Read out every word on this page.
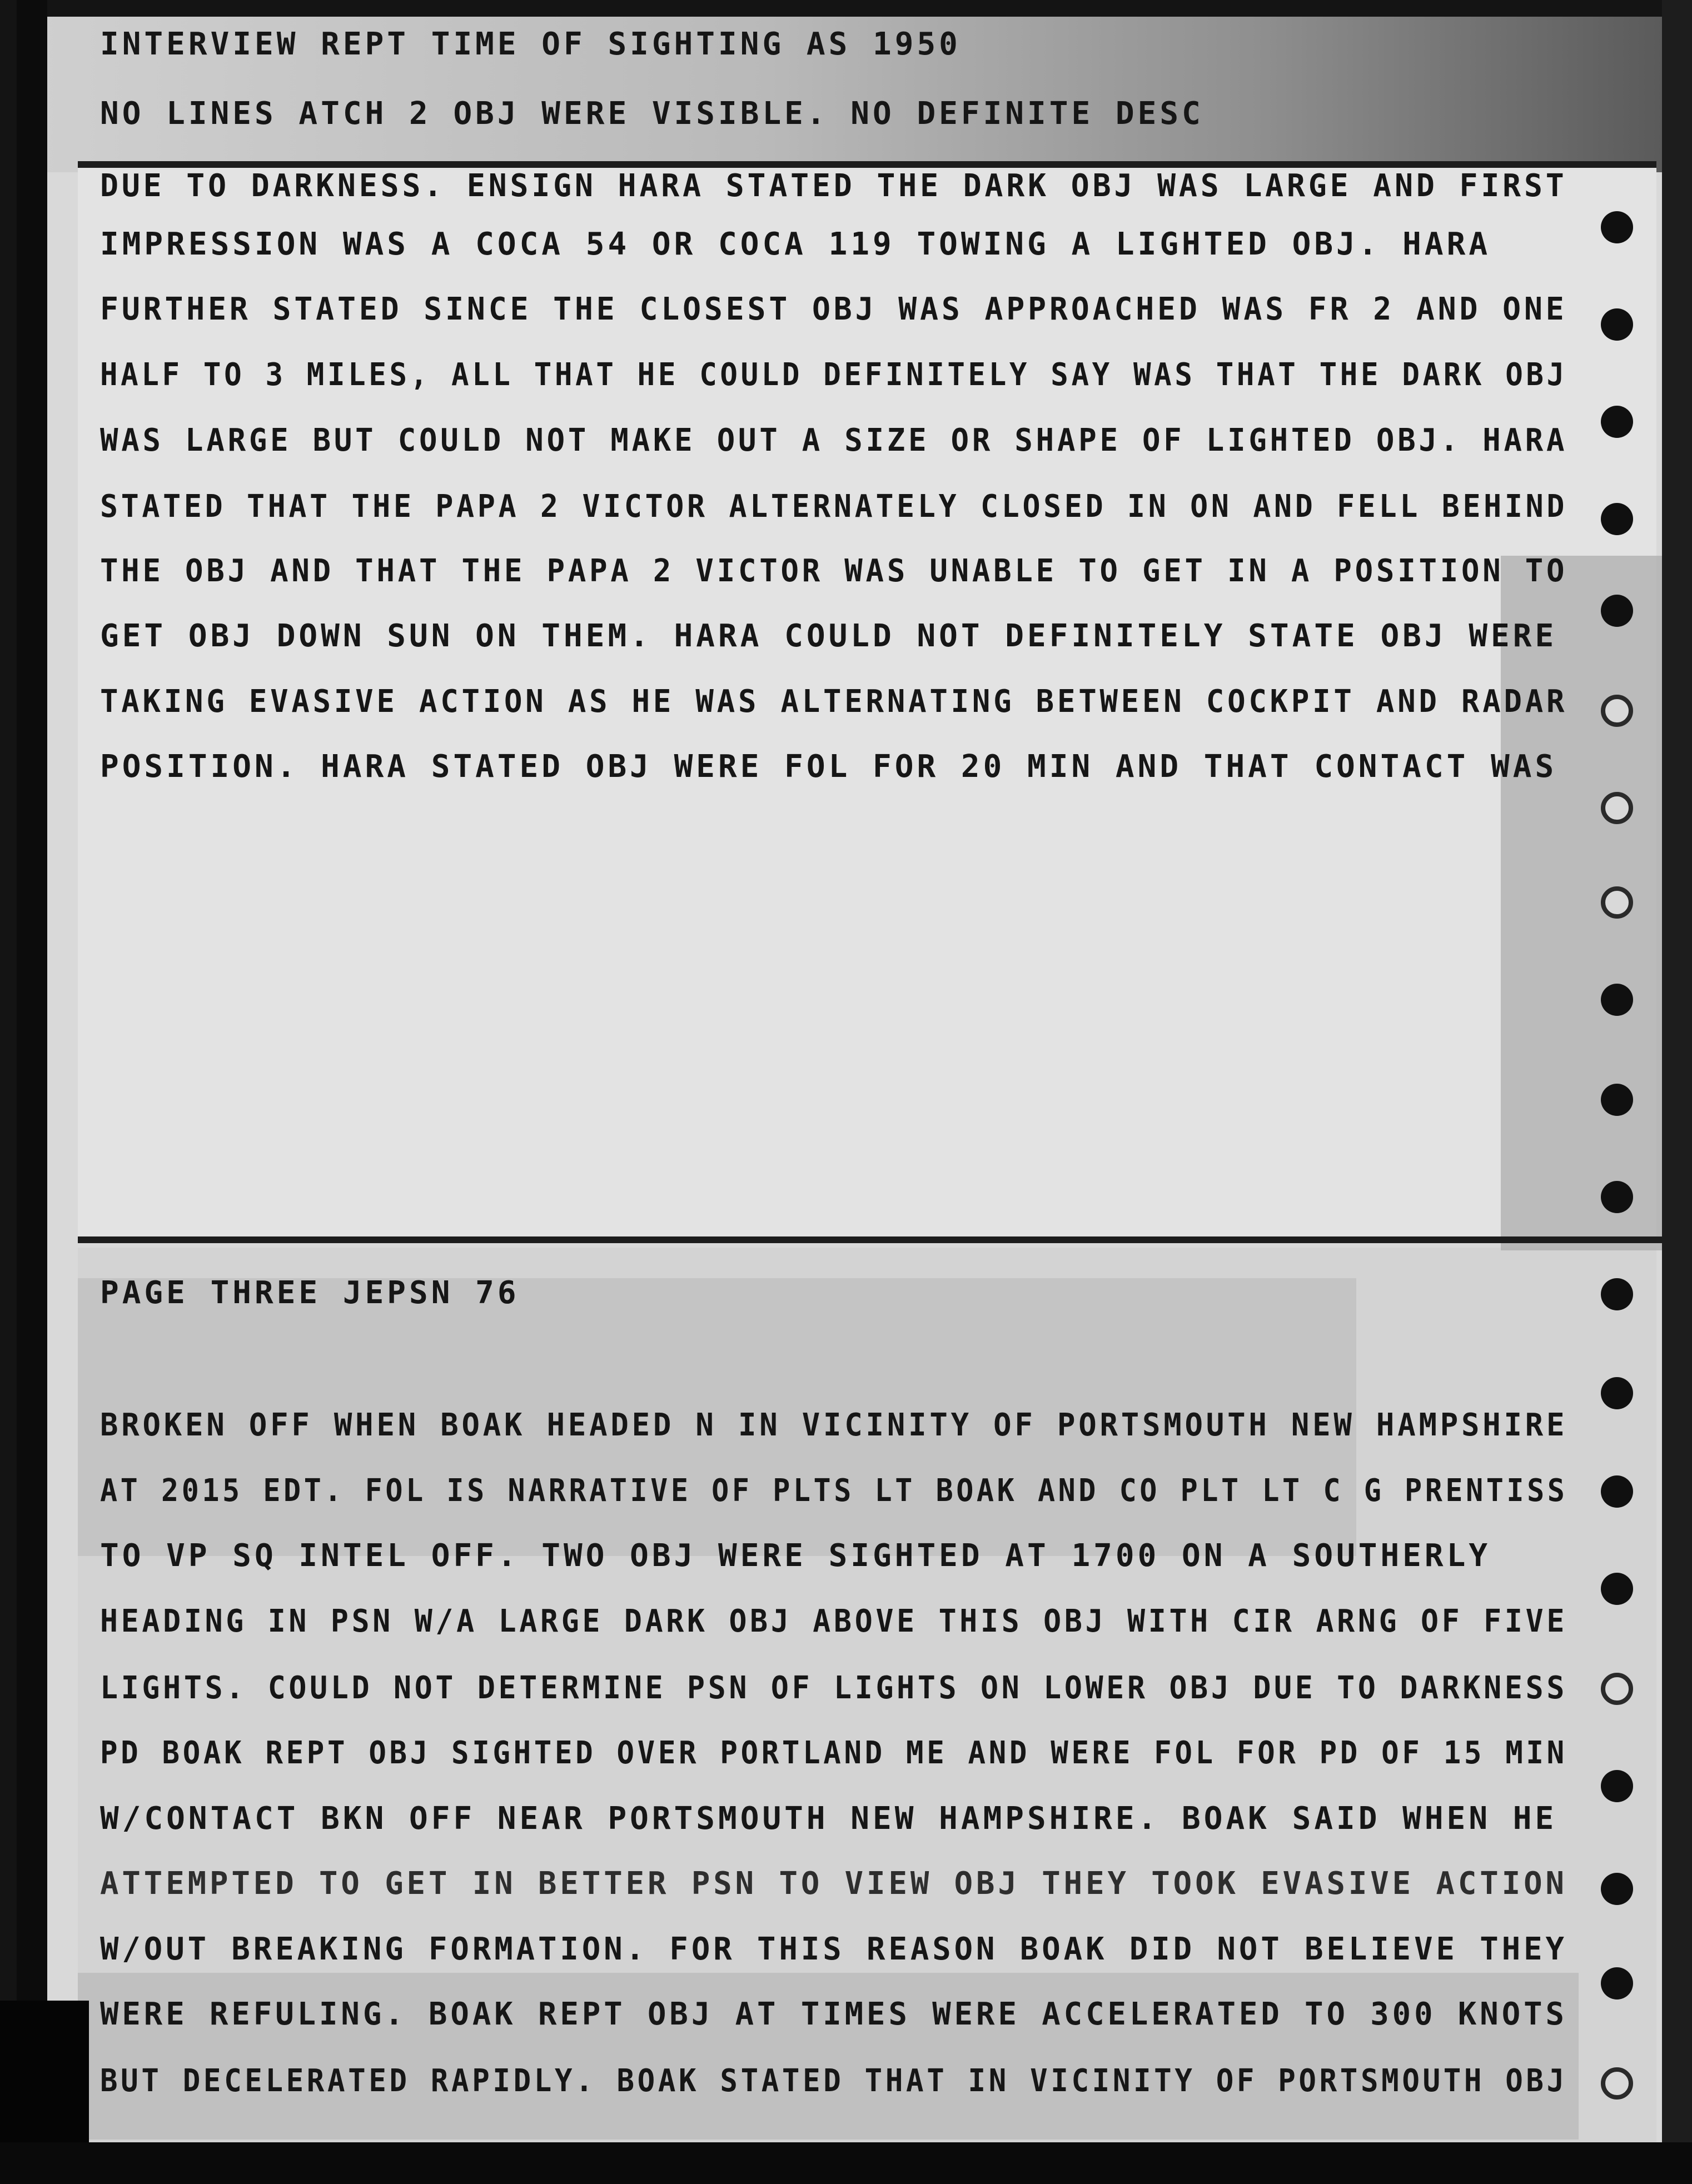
INTERVIEW REPT TIME OF SIGHTING AS 1950
NO LINES ATCH 2 OBJ WERE VISIBLE. NO DEFINITE DESC
DUE TO DARKNESS. ENSIGN HARA STATED THE DARK OBJ WAS LARGE AND FIRST
IMPRESSION WAS A COCA 54 OR COCA 119 TOWING A LIGHTED OBJ. HARA
FURTHER STATED SINCE THE CLOSEST OBJ WAS APPROACHED WAS FR 2 AND ONE
HALF TO 3 MILES, ALL THAT HE COULD DEFINITELY SAY WAS THAT THE DARK OBJ
WAS LARGE BUT COULD NOT MAKE OUT A SIZE OR SHAPE OF LIGHTED OBJ. HARA
STATED THAT THE PAPA 2 VICTOR ALTERNATELY CLOSED IN ON AND FELL BEHIND
THE OBJ AND THAT THE PAPA 2 VICTOR WAS UNABLE TO GET IN A POSITION TO
GET OBJ DOWN SUN ON THEM. HARA COULD NOT DEFINITELY STATE OBJ WERE
TAKING EVASIVE ACTION AS HE WAS ALTERNATING BETWEEN COCKPIT AND RADAR
POSITION. HARA STATED OBJ WERE FOL FOR 20 MIN AND THAT CONTACT WAS
PAGE THREE JEPSN 76
BROKEN OFF WHEN BOAK HEADED N IN VICINITY OF PORTSMOUTH NEW HAMPSHIRE
AT 2015 EDT. FOL IS NARRATIVE OF PLTS LT BOAK AND CO PLT LT C G PRENTISS
TO VP SQ INTEL OFF. TWO OBJ WERE SIGHTED AT 1700 ON A SOUTHERLY
HEADING IN PSN W/A LARGE DARK OBJ ABOVE THIS OBJ WITH CIR ARNG OF FIVE
LIGHTS. COULD NOT DETERMINE PSN OF LIGHTS ON LOWER OBJ DUE TO DARKNESS
PD BOAK REPT OBJ SIGHTED OVER PORTLAND ME AND WERE FOL FOR PD OF 15 MIN
W/CONTACT BKN OFF NEAR PORTSMOUTH NEW HAMPSHIRE. BOAK SAID WHEN HE
ATTEMPTED TO GET IN BETTER PSN TO VIEW OBJ THEY TOOK EVASIVE ACTION
W/OUT BREAKING FORMATION. FOR THIS REASON BOAK DID NOT BELIEVE THEY
WERE REFULING. BOAK REPT OBJ AT TIMES WERE ACCELERATED TO 300 KNOTS
BUT DECELERATED RAPIDLY. BOAK STATED THAT IN VICINITY OF PORTSMOUTH OBJ
